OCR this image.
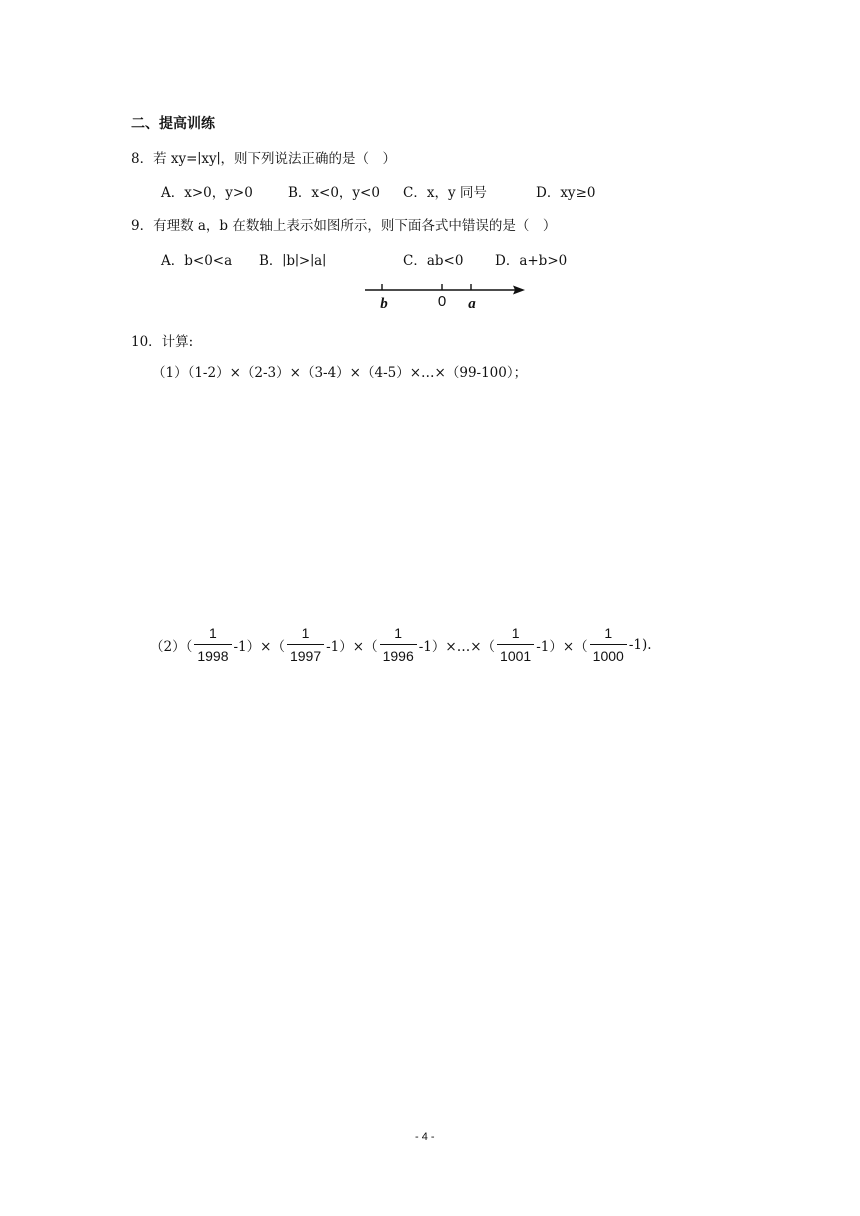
二、提高训练
8．若 xy=∣xy∣，则下列说法正确的是（　）
A．x>0，y>0	B．x<0，y<0 C．x，y 同号	D．xy≥0
9．有理数 a，b 在数轴上表示如图所示，则下面各式中错误的是（　）
A．b<0<a B．∣b∣>∣a∣	C．ab<0 D．a+b>0
b	0 a
10．计算:
（1）（1-2）×（2-3）×（3-4）×（4-5）×…×（99-100）；
$(2)( \frac{1}{1998} -1)\times( \frac{1}{1997} -1)\times( \frac{1}{1996}$ -1）×…×（ $\frac{1}{1001} -1)\times( \frac{1}{1000} -1)$.
- 4 -
